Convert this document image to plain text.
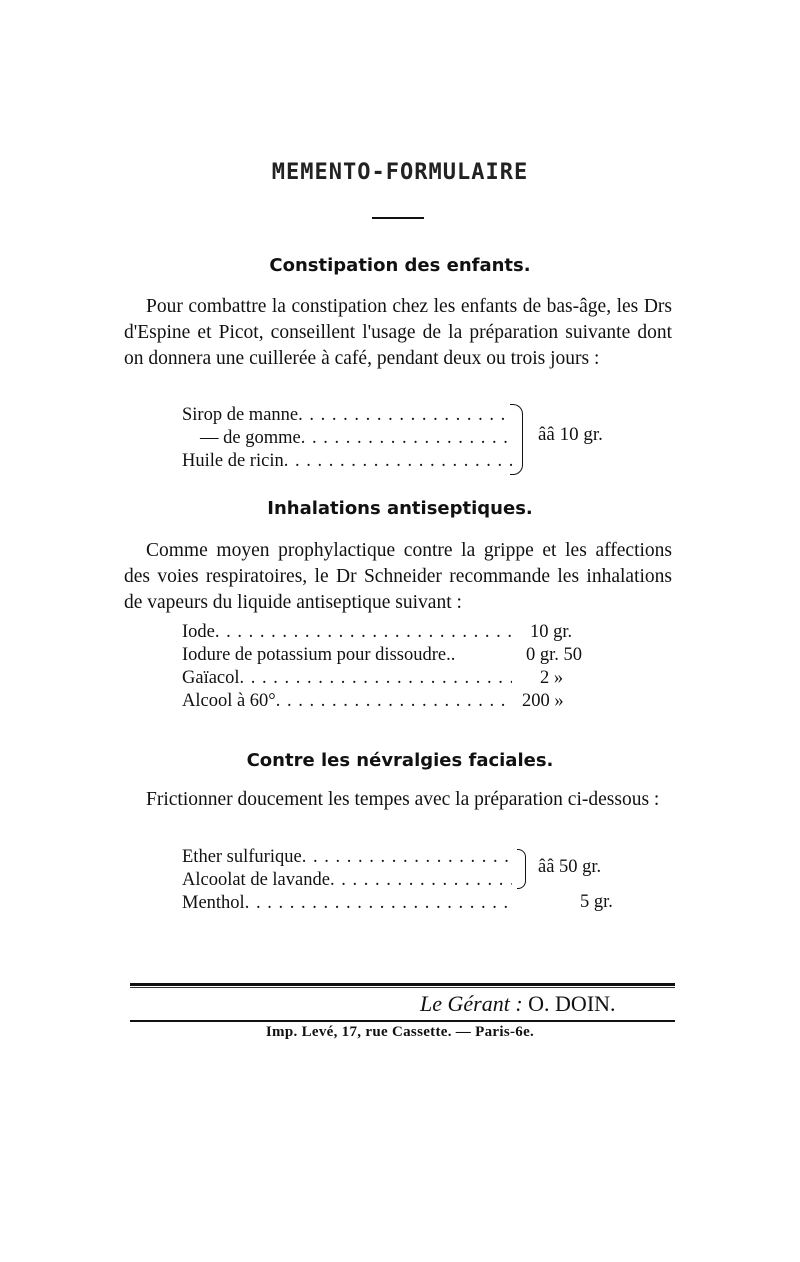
MEMENTO-FORMULAIRE
Constipation des enfants.
Pour combattre la constipation chez les enfants de bas-âge, les Drs d'Espine et Picot, conseillent l'usage de la préparation suivante dont on donnera une cuillerée à café, pendant deux ou trois jours :
Sirop de manne
. . .
— de gomme
. . .
Huile de ricin
. . .
ââ 10 gr.
Inhalations antiseptiques.
Comme moyen prophylactique contre la grippe et les affections des voies respiratoires, le Dr Schneider recommande les inhalations de vapeurs du liquide antiseptique suivant :
Iode
. . .
Iodure de potassium pour dissoudre..
Gaïacol
. . .
Alcool à 60°
. . .
10 gr.
0 gr. 50
2 »
200 »
Contre les névralgies faciales.
Frictionner doucement les tempes avec la préparation ci-dessous :
Ether sulfurique
. . .
Alcoolat de lavande
. . .
Menthol
. . .
ââ 50 gr.
5 gr.
Le Gérant : O. DOIN.
Imp. Levé, 17, rue Cassette. — Paris-6e.
